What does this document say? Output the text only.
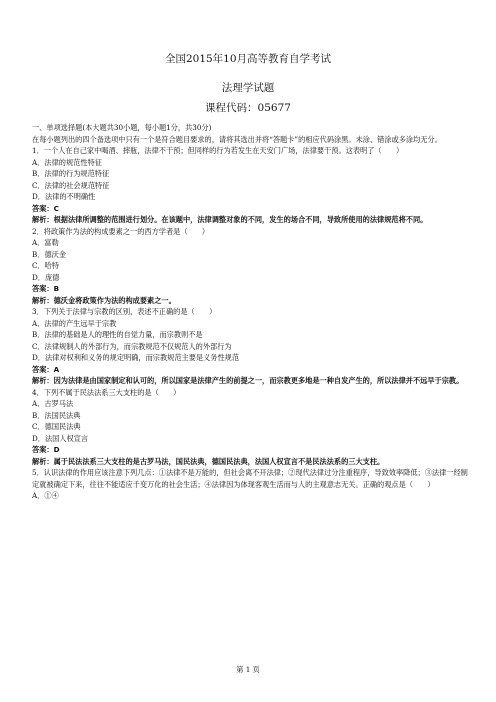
全国2015年10月高等教育自学考试
法理学试题
课程代码：05677

一、单项选择题(本大题共30小题，每小题1分，共30分)

在每小题列出的四个备选项中只有一个是符合题目要求的，请将其选出并将“答题卡”的相应代码涂黑。未涂、错涂或多涂均无分。

1．一个人在自己家中喝酒、摔瓶，法律不干预；但同样的行为若发生在天安门广场，法律要干预。这表明了（　　）

A．法律的规范性特征

B．法律的行为规范特征

C．法律的社会规范特征

D．法律的不明确性

答案：C

解析：根据法律所调整的范围进行划分。在该题中，法律调整对象的不同，发生的场合不同，导致所使用的法律规范将不同。

2．将政策作为法的构成要素之一的西方学者是（　　）

A．富勒

B．德沃金

C．哈特

D．庞德

答案：B

解析：德沃金将政策作为法的构成要素之一。

3．下列关于法律与宗教的区别，表述不正确的是（　　）

A．法律的产生远早于宗教

B．法律的基础是人的理性的自觉力量，而宗教则不是

C．法律规制人的外部行为，而宗教规范不仅规范人的外部行为

D．法律对权利和义务的规定明确，而宗教规范主要是义务性规范

答案：A

解析：因为法律是由国家制定和认可的，所以国家是法律产生的前提之一，而宗教更多地是一种自发产生的，所以法律并不远早于宗教。

4．下列不属于民法法系三大支柱的是（　　）

A．古罗马法

B．法国民法典

C．德国民法典

D．法国人权宣言

答案：D

解析：属于民法法系三大支柱的是古罗马法，国民法典，德国民法典，法国人权宣言不是民法法系的三大支柱。

5．认识法律的作用应该注意下列几点：①法律不是万能的，但社会离不开法律；②现代法律过分注重程序，导致效率降低；③法律一经制定就被确定下来，往往不能适应千变万化的社会生活；④法律因为体现客观生活而与人的主观意志无关。正确的观点是（　　）

A．①④

第 1 页
